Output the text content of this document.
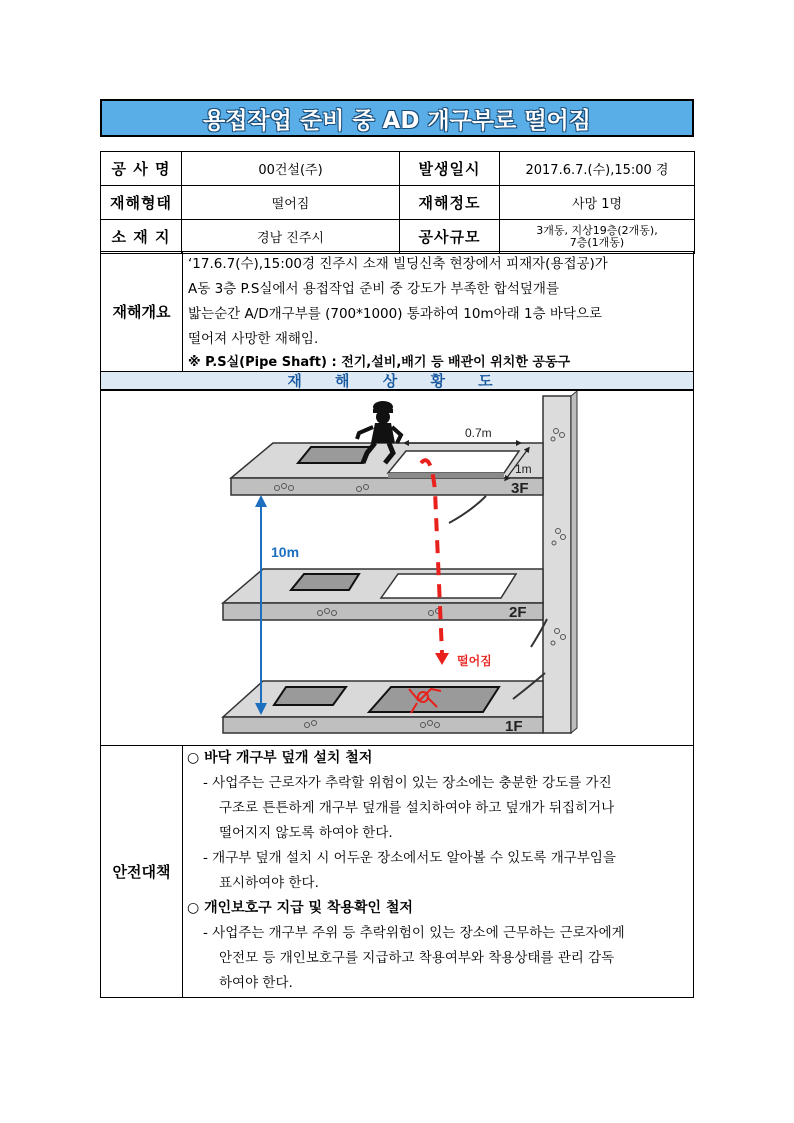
용접작업 준비 중 AD 개구부로 떨어짐
공 사 명	00건설(주)	발생일시	2017.6.7.(수),15:00 경
재해형태	떨어짐	재해정도	사망 1명
소 재 지	경남 진주시	공사규모	3개동, 지상19층(2개동),
7층(1개동)
재해개요

‘17.6.7(수),15:00경 진주시 소재 빌딩신축 현장에서 피재자(용접공)가

A동 3층 P.S실에서 용접작업 준비 중 강도가 부족한 합석덮개를

밟는순간 A/D개구부를 (700*1000) 통과하여 10m아래 1층 바닥으로

떨어져 사망한 재해임.

※ P.S실(Pipe Shaft) : 전기,설비,배기 등 배관이 위치한 공동구

재 해 상 황 도
0.7m
1m
10m
3F
2F
1F
떨어짐
안전대책

○ 바닥 개구부 덮개 설치 철저

- 사업주는 근로자가 추락할 위험이 있는 장소에는 충분한 강도를 가진

구조로 튼튼하게 개구부 덮개를 설치하여야 하고 덮개가 뒤집히거나

떨어지지 않도록 하여야 한다.

- 개구부 덮개 설치 시 어두운 장소에서도 알아볼 수 있도록 개구부임을

표시하여야 한다.

○ 개인보호구 지급 및 착용확인 철저

- 사업주는 개구부 주위 등 추락위험이 있는 장소에 근무하는 근로자에게

안전모 등 개인보호구를 지급하고 착용여부와 착용상태를 관리 감독

하여야 한다.
